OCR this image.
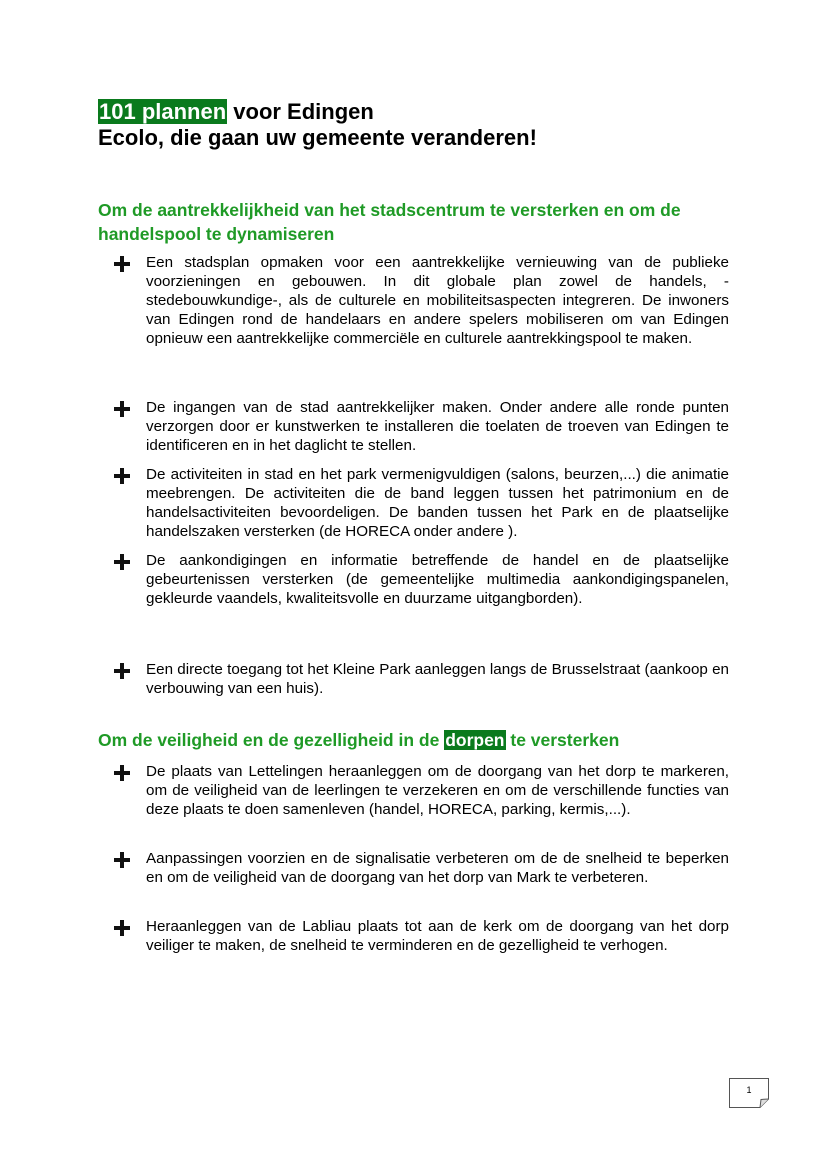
101 plannen voor Edingen
Ecolo, die gaan uw gemeente veranderen!
Om de aantrekkelijkheid van het stadscentrum te versterken en om de handelspool te dynamiseren
Een stadsplan opmaken voor een aantrekkelijke vernieuwing van de publieke voorzieningen en gebouwen. In dit globale plan zowel de handels, -stedebouwkundige-, als de culturele en mobiliteitsaspecten integreren. De inwoners van Edingen rond de handelaars en andere spelers mobiliseren om van Edingen opnieuw een aantrekkelijke commerciële en culturele aantrekkingspool te maken.
De ingangen van de stad aantrekkelijker maken. Onder andere alle ronde punten verzorgen door er kunstwerken te installeren die toelaten de troeven van Edingen te identificeren en in het daglicht te stellen.
De activiteiten in stad en het park vermenigvuldigen (salons, beurzen,...) die animatie meebrengen. De activiteiten die de band leggen tussen het patrimonium en de handelsactiviteiten bevoordeligen. De banden tussen het Park en de plaatselijke handelszaken versterken (de HORECA onder andere ).
De aankondigingen en informatie betreffende de handel en de plaatselijke gebeurtenissen versterken (de gemeentelijke multimedia aankondigingspanelen, gekleurde vaandels, kwaliteitsvolle en duurzame uitgangborden).
Een directe toegang tot het Kleine Park aanleggen langs de Brusselstraat (aankoop en verbouwing van een huis).
Om de veiligheid en de gezelligheid in de dorpen te versterken
De plaats van Lettelingen heraanleggen om de doorgang van het dorp te markeren, om de veiligheid van de leerlingen te verzekeren en om de verschillende functies van deze plaats te doen samenleven (handel, HORECA, parking, kermis,...).
Aanpassingen voorzien en de signalisatie verbeteren om de de snelheid te beperken en om de veiligheid van de doorgang van het dorp van Mark te verbeteren.
Heraanleggen van de Labliau plaats tot aan de kerk om de doorgang van het dorp veiliger te maken, de snelheid te verminderen en de gezelligheid te verhogen.
1
